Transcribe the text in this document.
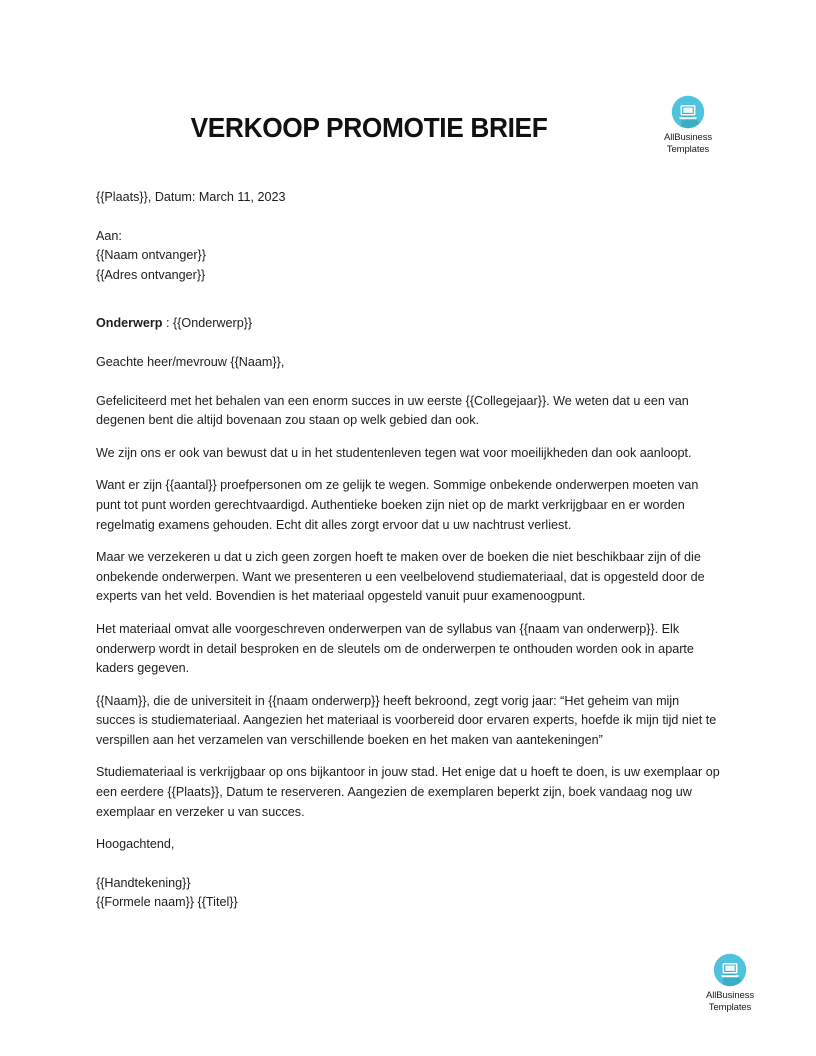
VERKOOP PROMOTIE BRIEF	AllBusiness
Templates

{{Plaats}}, Datum: March 11, 2023

Aan:
{{Naam ontvanger}}
{{Adres ontvanger}}

Onderwerp : {{Onderwerp}}

Geachte heer/mevrouw {{Naam}},

Gefeliciteerd met het behalen van een enorm succes in uw eerste {{Collegejaar}}. We weten dat u een van degenen bent die altijd bovenaan zou staan op welk gebied dan ook.

We zijn ons er ook van bewust dat u in het studentenleven tegen wat voor moeilijkheden dan ook aanloopt.

Want er zijn {{aantal}} proefpersonen om ze gelijk te wegen. Sommige onbekende onderwerpen moeten van punt tot punt worden gerechtvaardigd. Authentieke boeken zijn niet op de markt verkrijgbaar en er worden regelmatig examens gehouden. Echt dit alles zorgt ervoor dat u uw nachtrust verliest.

Maar we verzekeren u dat u zich geen zorgen hoeft te maken over de boeken die niet beschikbaar zijn of die onbekende onderwerpen. Want we presenteren u een veelbelovend studiemateriaal, dat is opgesteld door de experts van het veld. Bovendien is het materiaal opgesteld vanuit puur examenoogpunt.

Het materiaal omvat alle voorgeschreven onderwerpen van de syllabus van {{naam van onderwerp}}. Elk onderwerp wordt in detail besproken en de sleutels om de onderwerpen te onthouden worden ook in aparte kaders gegeven.

{{Naam}}, die de universiteit in {{naam onderwerp}} heeft bekroond, zegt vorig jaar: “Het geheim van mijn succes is studiemateriaal. Aangezien het materiaal is voorbereid door ervaren experts, hoefde ik mijn tijd niet te verspillen aan het verzamelen van verschillende boeken en het maken van aantekeningen”

Studiemateriaal is verkrijgbaar op ons bijkantoor in jouw stad. Het enige dat u hoeft te doen, is uw exemplaar op een eerdere {{Plaats}}, Datum te reserveren. Aangezien de exemplaren beperkt zijn, boek vandaag nog uw exemplaar en verzeker u van succes.

Hoogachtend,

{{Handtekening}}
{{Formele naam}} {{Titel}}
AllBusiness
Templates
